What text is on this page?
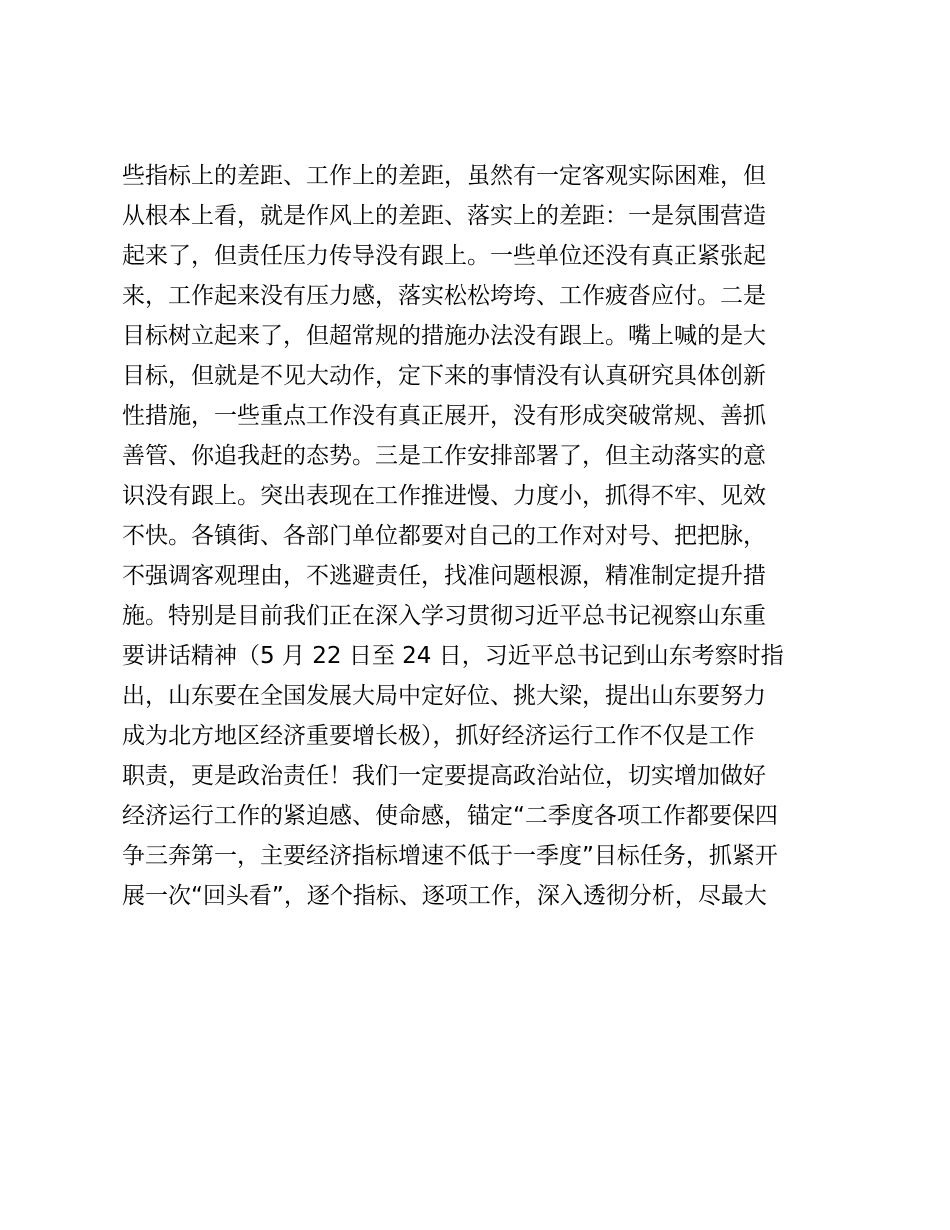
些指标上的差距、工作上的差距，虽然有一定客观实际困难，但
从根本上看，就是作风上的差距、落实上的差距：一是氛围营造
起来了，但责任压力传导没有跟上。一些单位还没有真正紧张起
来，工作起来没有压力感，落实松松垮垮、工作疲沓应付。二是
目标树立起来了，但超常规的措施办法没有跟上。嘴上喊的是大
目标，但就是不见大动作，定下来的事情没有认真研究具体创新
性措施，一些重点工作没有真正展开，没有形成突破常规、善抓
善管、你追我赶的态势。三是工作安排部署了，但主动落实的意
识没有跟上。突出表现在工作推进慢、力度小，抓得不牢、见效
不快。各镇街、各部门单位都要对自己的工作对对号、把把脉，
不强调客观理由，不逃避责任，找准问题根源，精准制定提升措
施。特别是目前我们正在深入学习贯彻习近平总书记视察山东重
要讲话精神（5 月 22 日至 24 日，习近平总书记到山东考察时指
出，山东要在全国发展大局中定好位、挑大梁，提出山东要努力
成为北方地区经济重要增长极），抓好经济运行工作不仅是工作
职责，更是政治责任！我们一定要提高政治站位，切实增加做好
经济运行工作的紧迫感、使命感，锚定“二季度各项工作都要保四
争三奔第一，主要经济指标增速不低于一季度”目标任务，抓紧开
展一次“回头看”，逐个指标、逐项工作，深入透彻分析，尽最大
